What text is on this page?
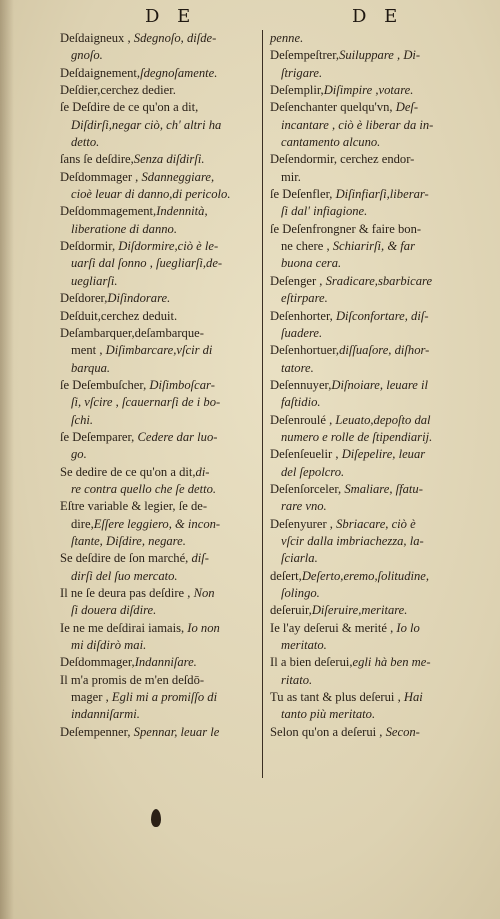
D E	D E
Deſdaigneux , Sdegnoſo, diſde-
gnoſo.
Deſdaignement,ſdegnoſamente.
Deſdier,cerchez dedier.
ſe Deſdire de ce qu'on a dit,
Diſdirſi,negar ciò, ch' altri ha
detto.
ſans ſe deſdire,Senza diſdirſi.
Deſdommager , Sdanneggiare,
cioè leuar di danno,di pericolo.
Deſdommagement,Indennità,
liberatione di danno.
Deſdormir, Diſdormire,ciò è le-
uarſi dal ſonno , ſuegliarſi,de-
uegliarſi.
Deſdorer,Diſindorare.
Deſduit,cerchez deduit.
Deſambarquer,deſambarque-
ment , Diſimbarcare,vſcir di
barqua.
ſe Deſembuſcher, Diſimboſcar-
ſi, vſcire , ſcauernarſi de i bo-
ſchi.
ſe Deſemparer, Cedere dar luo-
go.
Se dedire de ce qu'on a dit,di-
re contra quello che ſe detto.
Eſtre variable & legier, ſe de-
dire,Eſſere leggiero, & incon-
ſtante, Diſdire, negare.
Se deſdire de ſon marché, diſ-
dirſi del ſuo mercato.
Il ne ſe deura pas deſdire , Non
ſi douera diſdire.
Ie ne me deſdirai iamais, Io non
mi diſdirò mai.
Deſdommager,Indanniſare.
Il m'a promis de m'en deſdō-
mager , Egli mi a promiſſo di
indanniſarmi.
Deſempenner, Spennar, leuar le
penne.
Deſempeſtrer,Suiluppare , Di-
ſtrigare.
Deſemplir,Diſimpire ,votare.
Deſenchanter quelqu'vn, Deſ-
incantare , ciò è liberar da in-
cantamento alcuno.
Deſendormir, cerchez endor-
mir.
ſe Deſenfler, Diſinfiarſi,liberar-
ſi dal' infiagione.
ſe Deſenfrongner & faire bon-
ne chere , Schiarirſi, & far
buona cera.
Deſenger , Sradicare,sbarbicare
eſtirpare.
Deſenhorter, Diſconfortare, diſ-
ſuadere.
Deſenhortuer,diſſuaſore, diſhor-
tatore.
Deſennuyer,Diſnoiare, leuare il
faſtidio.
Deſenroulé , Leuato,depoſto dal
numero e rolle de ſtipendiarij.
Deſenſeuelir , Diſepelire, leuar
del ſepolcro.
Deſenſorceler, Smaliare, ſfatu-
rare vno.
Deſenyurer , Sbriacare, ciò è
vſcir dalla imbriachezza, la-
ſciarla.
deſert,Deſerto,eremo,ſolitudine,
ſolingo.
deſeruir,Diſeruire,meritare.
Ie l'ay deſerui & merité , Io lo
meritato.
Il a bien deſerui,egli hà ben me-
ritato.
Tu as tant & plus deſerui , Hai
tanto più meritato.
Selon qu'on a deſerui , Secon-
